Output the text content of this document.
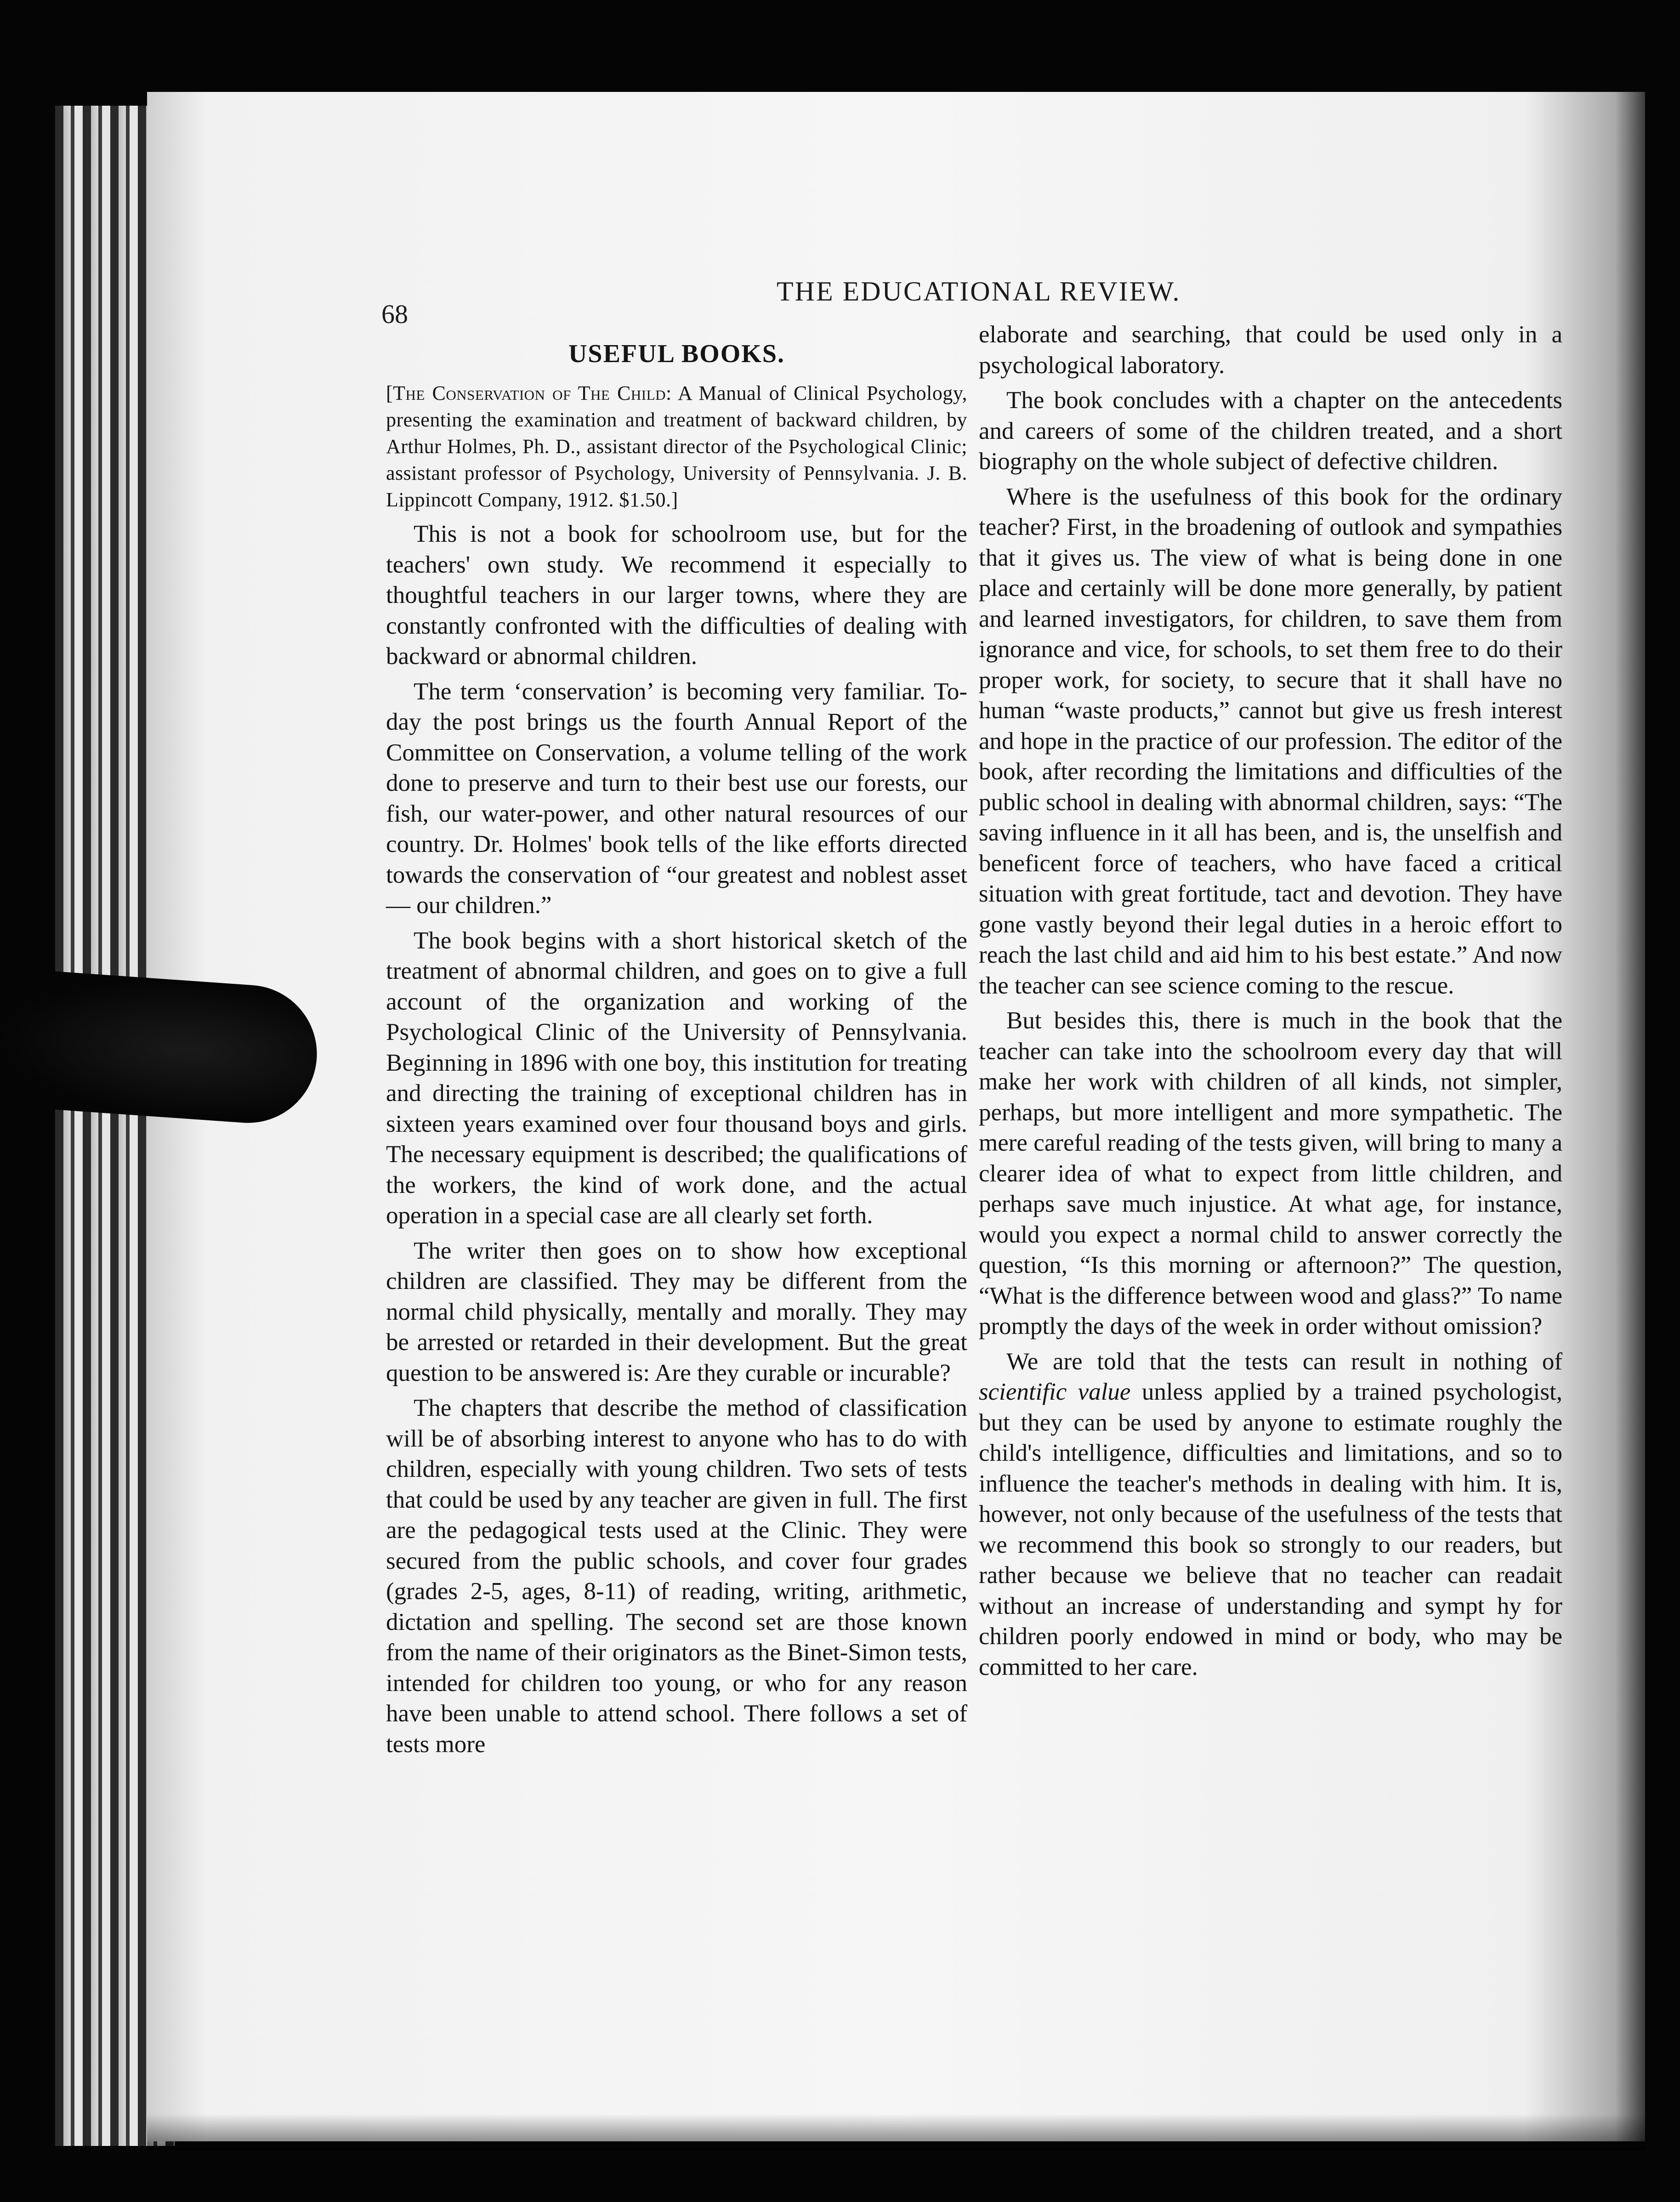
68
THE EDUCATIONAL REVIEW.
USEFUL BOOKS.
[The Conservation of The Child: A Manual of Clinical Psychology, presenting the examination and treatment of backward children, by Arthur Holmes, Ph. D., assistant director of the Psychological Clinic; assistant professor of Psychology, University of Pennsylvania. J. B. Lippincott Company, 1912. $1.50.]

This is not a book for schoolroom use, but for the teachers' own study. We recommend it especially to thoughtful teachers in our larger towns, where they are constantly confronted with the difficulties of dealing with backward or abnormal children.

The term ‘conservation’ is becoming very familiar. To-day the post brings us the fourth Annual Report of the Committee on Conservation, a volume telling of the work done to preserve and turn to their best use our forests, our fish, our water-power, and other natural resources of our country. Dr. Holmes' book tells of the like efforts directed towards the conservation of “our greatest and noblest asset — our children.”

The book begins with a short historical sketch of the treatment of abnormal children, and goes on to give a full account of the organization and working of the Psychological Clinic of the University of Pennsylvania. Beginning in 1896 with one boy, this institution for treating and directing the training of exceptional children has in sixteen years examined over four thousand boys and girls. The necessary equipment is described; the qualifications of the workers, the kind of work done, and the actual operation in a special case are all clearly set forth.

The writer then goes on to show how exceptional children are classified. They may be different from the normal child physically, mentally and morally. They may be arrested or retarded in their development. But the great question to be answered is: Are they curable or incurable?

The chapters that describe the method of classification will be of absorbing interest to anyone who has to do with children, especially with young children. Two sets of tests that could be used by any teacher are given in full. The first are the pedagogical tests used at the Clinic. They were secured from the public schools, and cover four grades (grades 2-5, ages, 8-11) of reading, writing, arithmetic, dictation and spelling. The second set are those known from the name of their originators as the Binet-Simon tests, intended for children too young, or who for any reason have been unable to attend school. There follows a set of tests more

elaborate and searching, that could be used only in a psychological laboratory.

The book concludes with a chapter on the antecedents and careers of some of the children treated, and a short biography on the whole subject of defective children.

Where is the usefulness of this book for the ordinary teacher? First, in the broadening of outlook and sympathies that it gives us. The view of what is being done in one place and certainly will be done more generally, by patient and learned investigators, for children, to save them from ignorance and vice, for schools, to set them free to do their proper work, for society, to secure that it shall have no human “waste products,” cannot but give us fresh interest and hope in the practice of our profession. The editor of the book, after recording the limitations and difficulties of the public school in dealing with abnormal children, says: “The saving influence in it all has been, and is, the unselfish and beneficent force of teachers, who have faced a critical situation with great fortitude, tact and devotion. They have gone vastly beyond their legal duties in a heroic effort to reach the last child and aid him to his best estate.” And now the teacher can see science coming to the rescue.

But besides this, there is much in the book that the teacher can take into the schoolroom every day that will make her work with children of all kinds, not simpler, perhaps, but more intelligent and more sympathetic. The mere careful reading of the tests given, will bring to many a clearer idea of what to expect from little children, and perhaps save much injustice. At what age, for instance, would you expect a normal child to answer correctly the question, “Is this morning or afternoon?” The question, “What is the difference between wood and glass?” To name promptly the days of the week in order without omission?

We are told that the tests can result in nothing of scientific value unless applied by a trained psychologist, but they can be used by anyone to estimate roughly the child's intelligence, difficulties and limitations, and so to influence the teacher's methods in dealing with him. It is, however, not only because of the usefulness of the tests that we recommend this book so strongly to our readers, but rather because we believe that no teacher can readait without an increase of understanding and sympt hy for children poorly endowed in mind or body, who may be committed to her care.
